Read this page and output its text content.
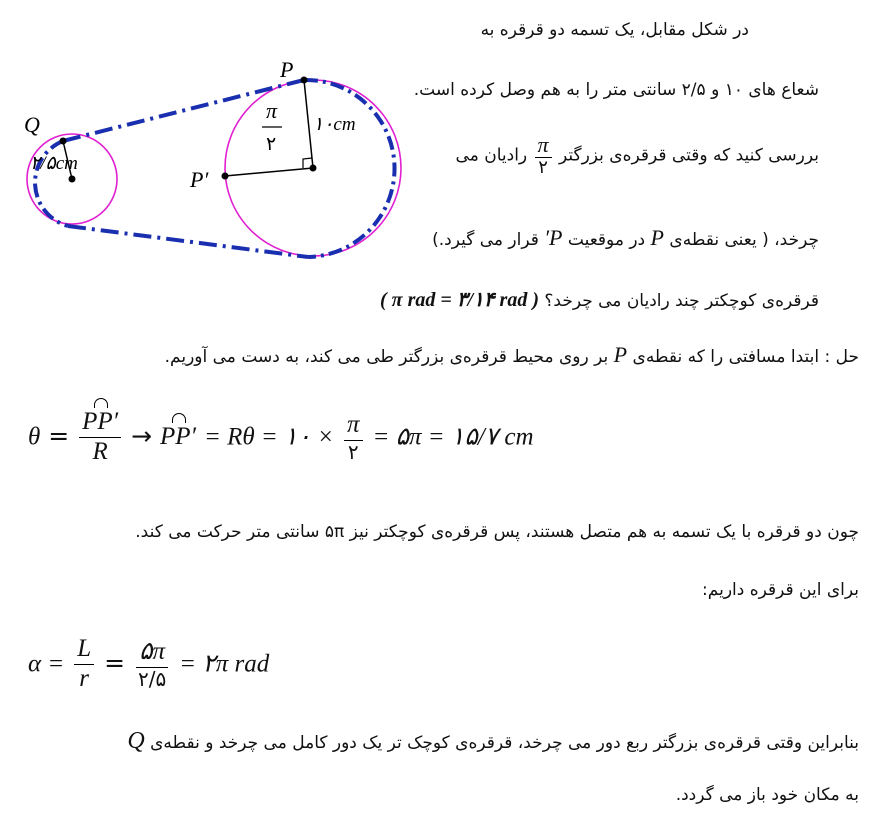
P
P′
Q	۱۰cm
۲/۵cm
π
۲
در شکل مقابل، یک تسمه دو قرقره به
شعاع های ۱۰ و ۲/۵ سانتی متر را به هم وصل کرده است.
بررسی کنید که وقتی قرقره‌ی بزرگتر
$\frac{\pi}{۲}$
رادیان می
چرخد، ( یعنی نقطه‌ی P در موقعیت P′ قرار می گیرد.)
قرقره‌ی کوچکتر چند رادیان می چرخد؟ ( π rad = ۳/۱۴ rad )
حل : ابتدا مسافتی را که نقطه‌ی P بر روی محیط قرقره‌ی بزرگتر طی می کند، به دست می آوریم.
$\theta = \frac{PP'}{R} \to PP' = R\theta$ = ۱۰ × $\frac{\pi}{۲}$ = ۵π = ۱۵/۷ cm
چون دو قرقره با یک تسمه به هم متصل هستند، پس قرقره‌ی کوچکتر نیز ۵π سانتی متر حرکت می کند.
برای این قرقره داریم:
$\alpha = \frac{L}{r} = \frac{۵\pi}{۲/۵}$ = ۲π rad
بنابراین وقتی قرقره‌ی بزرگتر ربع دور می چرخد، قرقره‌ی کوچک تر یک دور کامل می چرخد و نقطه‌ی Q
به مکان خود باز می گردد.
